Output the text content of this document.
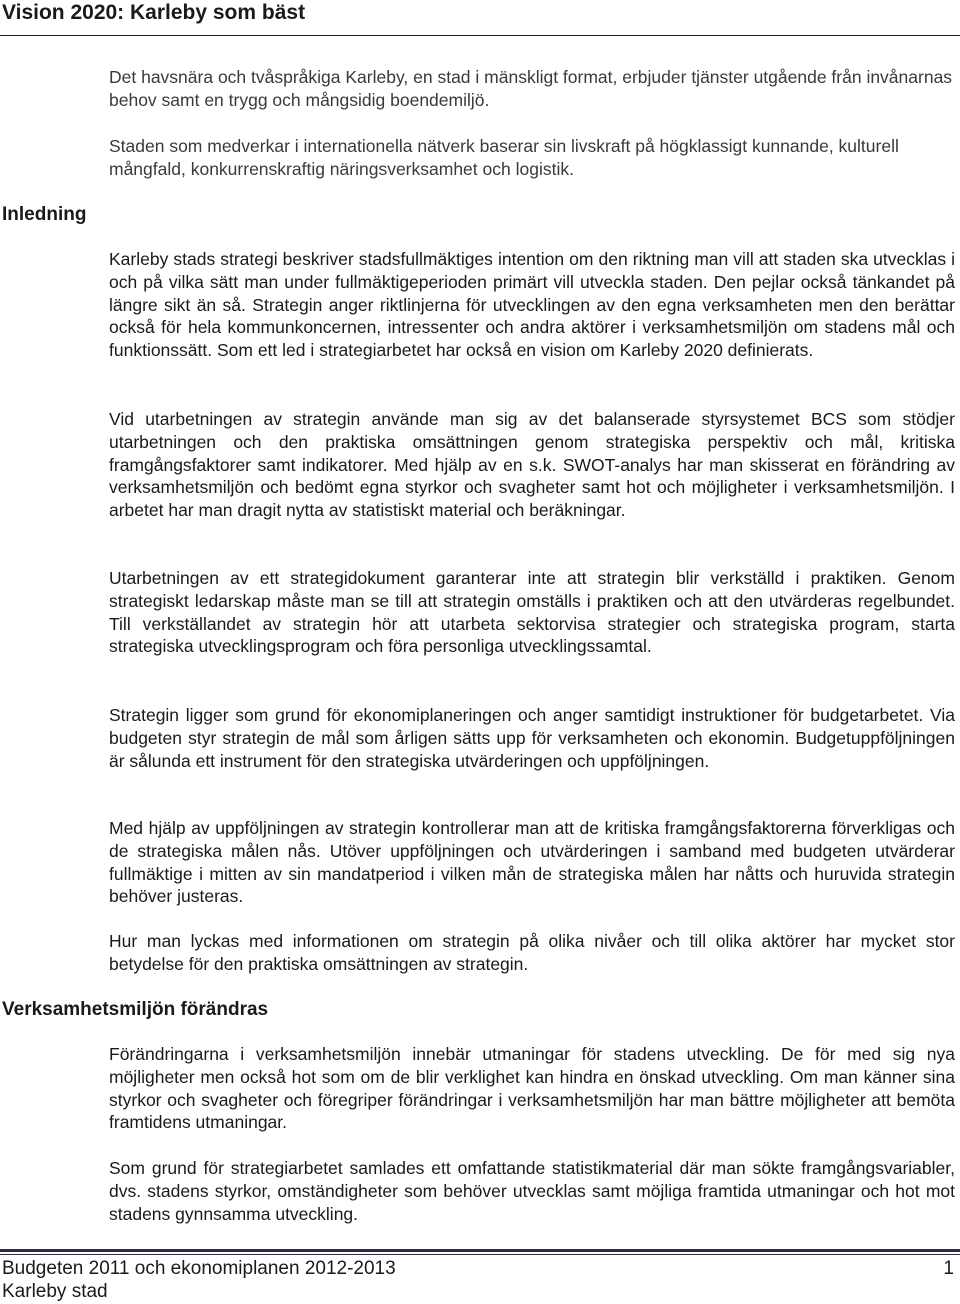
Vision 2020: Karleby som bäst

Det havsnära och tvåspråkiga Karleby, en stad i mänskligt format, erbjuder tjänster utgående från invånarnas behov samt en trygg och mångsidig boendemiljö.

Staden som medverkar i internationella nätverk baserar sin livskraft på högklassigt kunnande, kulturell mångfald, konkurrenskraftig näringsverksamhet och logistik.

Inledning

Karleby stads strategi beskriver stadsfullmäktiges intention om den riktning man vill att staden ska utvecklas i och på vilka sätt man under fullmäktigeperioden primärt vill utveckla staden. Den pejlar också tänkandet på längre sikt än så. Strategin anger riktlinjerna för utvecklingen av den egna verksamheten men den berättar också för hela kommunkoncernen, intressenter och andra aktörer i verksamhetsmiljön om stadens mål och funktionssätt. Som ett led i strategiarbetet har också en vision om Karleby 2020 definierats.

Vid utarbetningen av strategin använde man sig av det balanserade styrsystemet BCS som stödjer utarbetningen och den praktiska omsättningen genom strategiska perspektiv och mål, kritiska framgångsfaktorer samt indikatorer. Med hjälp av en s.k. SWOT-analys har man skisserat en förändring av verksamhetsmiljön och bedömt egna styrkor och svagheter samt hot och möjligheter i verksamhetsmiljön. I arbetet har man dragit nytta av statistiskt material och beräkningar.

Utarbetningen av ett strategidokument garanterar inte att strategin blir verkställd i praktiken. Genom strategiskt ledarskap måste man se till att strategin omställs i praktiken och att den utvärderas regelbundet. Till verkställandet av strategin hör att utarbeta sektorvisa strategier och strategiska program, starta strategiska utvecklingsprogram och föra personliga utvecklingssamtal.

Strategin ligger som grund för ekonomiplaneringen och anger samtidigt instruktioner för budgetarbetet. Via budgeten styr strategin de mål som årligen sätts upp för verksamheten och ekonomin. Budgetuppföljningen är sålunda ett instrument för den strategiska utvärderingen och uppföljningen.

Med hjälp av uppföljningen av strategin kontrollerar man att de kritiska framgångsfaktorerna förverkligas och de strategiska målen nås. Utöver uppföljningen och utvärderingen i samband med budgeten utvärderar fullmäktige i mitten av sin mandatperiod i vilken mån de strategiska målen har nåtts och huruvida strategin behöver justeras.

Hur man lyckas med informationen om strategin på olika nivåer och till olika aktörer har mycket stor betydelse för den praktiska omsättningen av strategin.

Verksamhetsmiljön förändras

Förändringarna i verksamhetsmiljön innebär utmaningar för stadens utveckling. De för med sig nya möjligheter men också hot som om de blir verklighet kan hindra en önskad utveckling. Om man känner sina styrkor och svagheter och föregriper förändringar i verksamhetsmiljön har man bättre möjligheter att bemöta framtidens utmaningar.

Som grund för strategiarbetet samlades ett omfattande statistikmaterial där man sökte framgångsvariabler, dvs. stadens styrkor, omständigheter som behöver utvecklas samt möjliga framtida utmaningar och hot mot stadens gynnsamma utveckling.

Budgeten 2011 och ekonomiplanen 2012-2013
Karleby stad
1
